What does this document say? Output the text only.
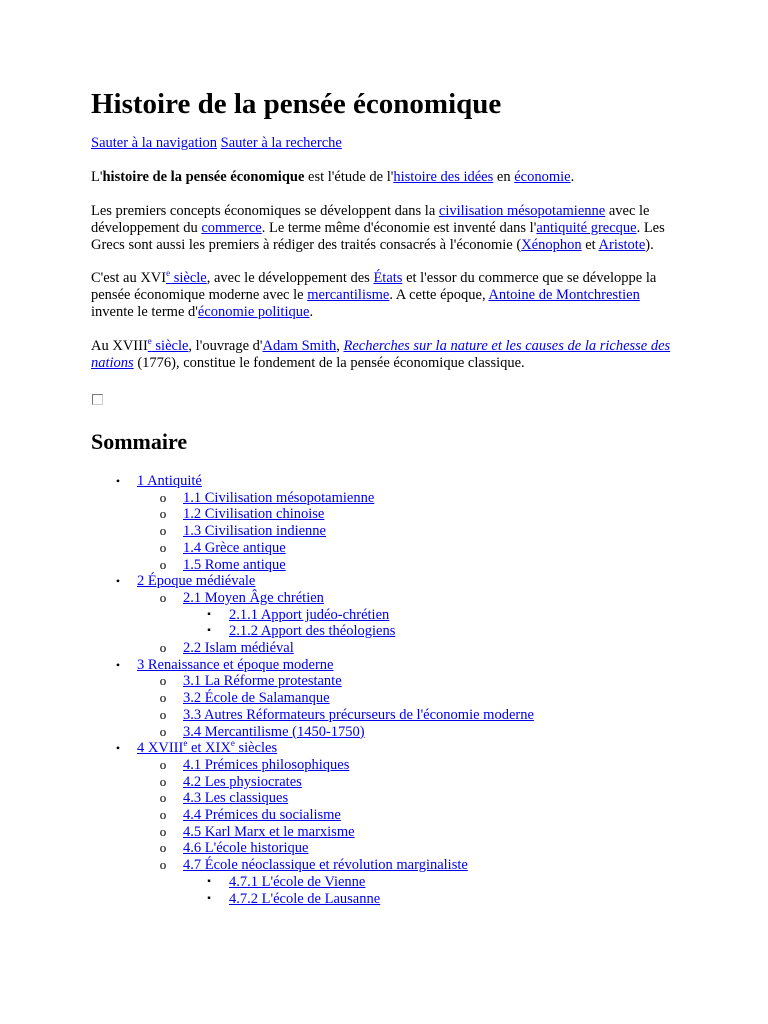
Histoire de la pensée économique
Sauter à la navigation Sauter à la recherche

L'histoire de la pensée économique est l'étude de l'histoire des idées en économie.

Les premiers concepts économiques se développent dans la civilisation mésopotamienne avec le développement du commerce. Le terme même d'économie est inventé dans l'antiquité grecque. Les Grecs sont aussi les premiers à rédiger des traités consacrés à l'économie (Xénophon et Aristote).

C'est au XVIe siècle, avec le développement des États et l'essor du commerce que se développe la pensée économique moderne avec le mercantilisme. A cette époque, Antoine de Montchrestien invente le terme d'économie politique.

Au XVIIIe siècle, l'ouvrage d'Adam Smith, Recherches sur la nature et les causes de la richesse des nations (1776), constitue le fondement de la pensée économique classique.

Sommaire
• 1 Antiquité
o 1.1 Civilisation mésopotamienne
o 1.2 Civilisation chinoise
o 1.3 Civilisation indienne
o 1.4 Grèce antique
o 1.5 Rome antique
• 2 Époque médiévale
o 2.1 Moyen Âge chrétien
▪ 2.1.1 Apport judéo-chrétien
▪ 2.1.2 Apport des théologiens
o 2.2 Islam médiéval
• 3 Renaissance et époque moderne
o 3.1 La Réforme protestante
o 3.2 École de Salamanque
o 3.3 Autres Réformateurs précurseurs de l'économie moderne
o 3.4 Mercantilisme (1450-1750)
• 4 XVIIIe et XIXe siècles
o 4.1 Prémices philosophiques
o 4.2 Les physiocrates
o 4.3 Les classiques
o 4.4 Prémices du socialisme
o 4.5 Karl Marx et le marxisme
o 4.6 L'école historique
o 4.7 École néoclassique et révolution marginaliste
▪ 4.7.1 L'école de Vienne
▪ 4.7.2 L'école de Lausanne
